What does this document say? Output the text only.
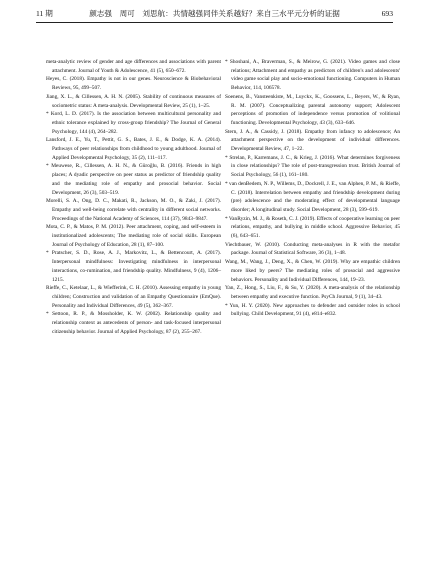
11 期	颜志强　周可　刘思航：共情越强同伴关系越好？来自三水平元分析的证据	693
meta-analytic review of gender and age differences and associations with parent attachment. Journal of Youth & Adolescence, 41 (5), 650–672.
Heyes, C. (2018). Empathy is not in our genes. Neuroscience & Biobehavioral Reviews, 95, 499–507.
Jiang, X. L., & Cillessen, A. H. N. (2005). Stability of continuous measures of sociometric status: A meta-analysis. Developmental Review, 25 (1), 1–25.
* Kord, L. D. (2017). Is the association between multicultural personality and ethnic tolerance explained by cross-group friendship? The Journal of General Psychology, 144 (4), 264–282.
Lansford, J. E., Yu, T., Pettit, G. S., Bates, J. E., & Dodge, K. A. (2014). Pathways of peer relationships from childhood to young adulthood. Journal of Applied Developmental Psychology, 35 (2), 111–117.
* Meuwese, R., Cillessen, A. H. N., & Güroğlu, B. (2016). Friends in high places; A dyadic perspective on peer status as predictor of friendship quality and the mediating role of empathy and prosocial behavior. Social Development, 26 (3), 503–519.
Morelli, S. A., Ong, D. C., Makati, R., Jackson, M. O., & Zaki, J. (2017). Empathy and well-being correlate with centrality in different social networks. Proceedings of the National Academy of Sciences, 114 (37), 9843–9847.
Mota, C. P., & Matos, P. M. (2012). Peer attachment, coping, and self-esteem in institutionalized adolescents; The mediating role of social skills. European Journal of Psychology of Education, 28 (1), 87–100.
* Pratscher, S. D., Rose, A. J., Markovitz, L., & Bettencourt, A. (2017). Interpersonal mindfulness: Investigating mindfulness in interpersonal interactions, co-rumination, and friendship quality. Mindfulness, 9 (4), 1206–1215.
Rieffe, C., Ketelaar, L., & Wiefferink, C. H. (2010). Assessing empathy in young children; Construction and validation of an Empathy Questionnaire (EmQue). Personality and Individual Differences, 49 (5), 362–367.
* Settoon, R. P., & Mossholder, K. W. (2002). Relationship quality and relationship context as antecedents of person- and task-focused interpersonal citizenship behavior. Journal of Applied Psychology, 87 (2), 255–267.
* Shoshani, A., Braverman, S., & Meirow, G. (2021). Video games and close relations; Attachment and empathy as predictors of children's and adolescents' video game social play and socio-emotional functioning. Computers in Human Behavior, 114, 106578.
Soenens, B., Vansteenkiste, M., Luyckx, K., Goossens, L., Beyers, W., & Ryan, R. M. (2007). Conceptualizing parental autonomy support; Adolescent perceptions of promotion of independence versus promotion of volitional functioning. Developmental Psychology, 43 (3), 633–646.
Stern, J. A., & Cassidy, J. (2018). Empathy from infancy to adolescence; An attachment perspective on the development of individual differences. Developmental Review, 47, 1–22.
* Strelan, P., Karremans, J. C., & Krieg, J. (2016). What determines forgiveness in close relationships? The role of post-transgression trust. British Journal of Social Psychology, 56 (1), 161–180.
* van denBedem, N. P., Willems, D., Dockrell, J. E., van Alphen, P. M., & Rieffe, C. (2018). Interrelation between empathy and friendship development during (pre) adolescence and the moderating effect of developmental language disorder; A longitudinal study. Social Development, 28 (3), 599–619.
* VanRyzin, M. J., & Roseth, C. J. (2019). Effects of cooperative learning on peer relations, empathy, and bullying in middle school. Aggressive Behavior, 45 (6), 643–651.
Viechtbauer, W. (2010). Conducting meta-analyses in R with the metafor package. Journal of Statistical Software, 36 (3), 1–48.
Wang, M., Wang, J., Deng, X., & Chen, W. (2019). Why are empathic children more liked by peers? The mediating roles of prosocial and aggressive behaviors. Personality and Individual Differences, 144, 19–23.
Yan, Z., Hong, S., Liu, F., & Su, Y. (2020). A meta-analysis of the relationship between empathy and executive function. PsyCh Journal, 9 (1), 34–43.
* Yun, H. Y. (2020). New approaches to defender and outsider roles in school bullying. Child Development, 91 (4), e814–e832.
